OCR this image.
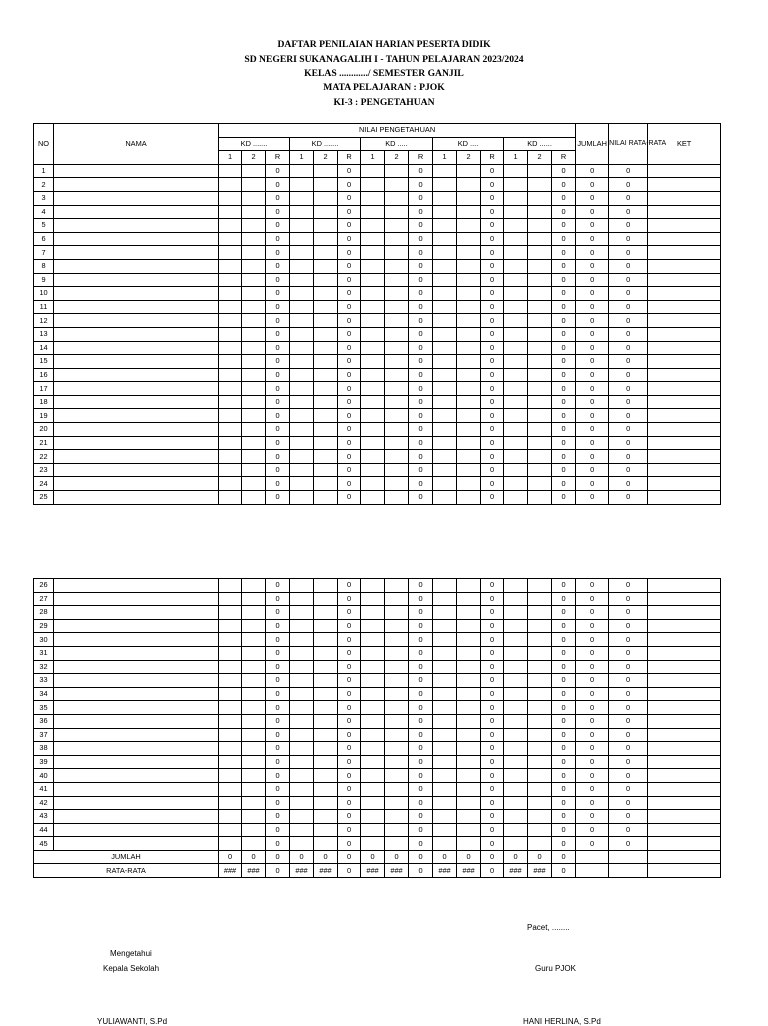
DAFTAR PENILAIAN HARIAN PESERTA DIDIK
SD NEGERI SUKANAGALIH I - TAHUN PELAJARAN 2023/2024
KELAS ............/ SEMESTER GANJIL
MATA PELAJARAN : PJOK
KI-3 : PENGETAHUAN
NO	NAMA	NILAI PENGETAHUAN															JUMLAH	NILAI RATA-RATA	KET
		KD .......			KD .......			KD .....			KD ....			KD ......					
		1	2	R	1	2	R	1	2	R	1	2	R	1	2	R			
1				0			0			0			0			0	0	0	
2				0			0			0			0			0	0	0	
3				0			0			0			0			0	0	0	
4				0			0			0			0			0	0	0	
5				0			0			0			0			0	0	0	
6				0			0			0			0			0	0	0	
7				0			0			0			0			0	0	0	
8				0			0			0			0			0	0	0	
9				0			0			0			0			0	0	0	
10				0			0			0			0			0	0	0	
11				0			0			0			0			0	0	0	
12				0			0			0			0			0	0	0	
13				0			0			0			0			0	0	0	
14				0			0			0			0			0	0	0	
15				0			0			0			0			0	0	0	
16				0			0			0			0			0	0	0	
17				0			0			0			0			0	0	0	
18				0			0			0			0			0	0	0	
19				0			0			0			0			0	0	0	
20				0			0			0			0			0	0	0	
21				0			0			0			0			0	0	0	
22				0			0			0			0			0	0	0	
23				0			0			0			0			0	0	0	
24				0			0			0			0			0	0	0	
25				0			0			0			0			0	0	0	
26				0			0			0			0			0	0	0	
27				0			0			0			0			0	0	0	
28				0			0			0			0			0	0	0	
29				0			0			0			0			0	0	0	
30				0			0			0			0			0	0	0	
31				0			0			0			0			0	0	0	
32				0			0			0			0			0	0	0	
33				0			0			0			0			0	0	0	
34				0			0			0			0			0	0	0	
35				0			0			0			0			0	0	0	
36				0			0			0			0			0	0	0	
37				0			0			0			0			0	0	0	
38				0			0			0			0			0	0	0	
39				0			0			0			0			0	0	0	
40				0			0			0			0			0	0	0	
41				0			0			0			0			0	0	0	
42				0			0			0			0			0	0	0	
43				0			0			0			0			0	0	0	
44				0			0			0			0			0	0	0	
45				0			0			0			0			0	0	0	
JUMLAH		0	0	0	0	0	0	0	0	0	0	0	0	0	0	0			
RATA-RATA		###	###	0	###	###	0	###	###	0	###	###	0	###	###	0			
Pacet, ........
Mengetahui
Kepala Sekolah	Guru PJOK
YULIAWANTI, S.Pd	HANI HERLINA, S.Pd
